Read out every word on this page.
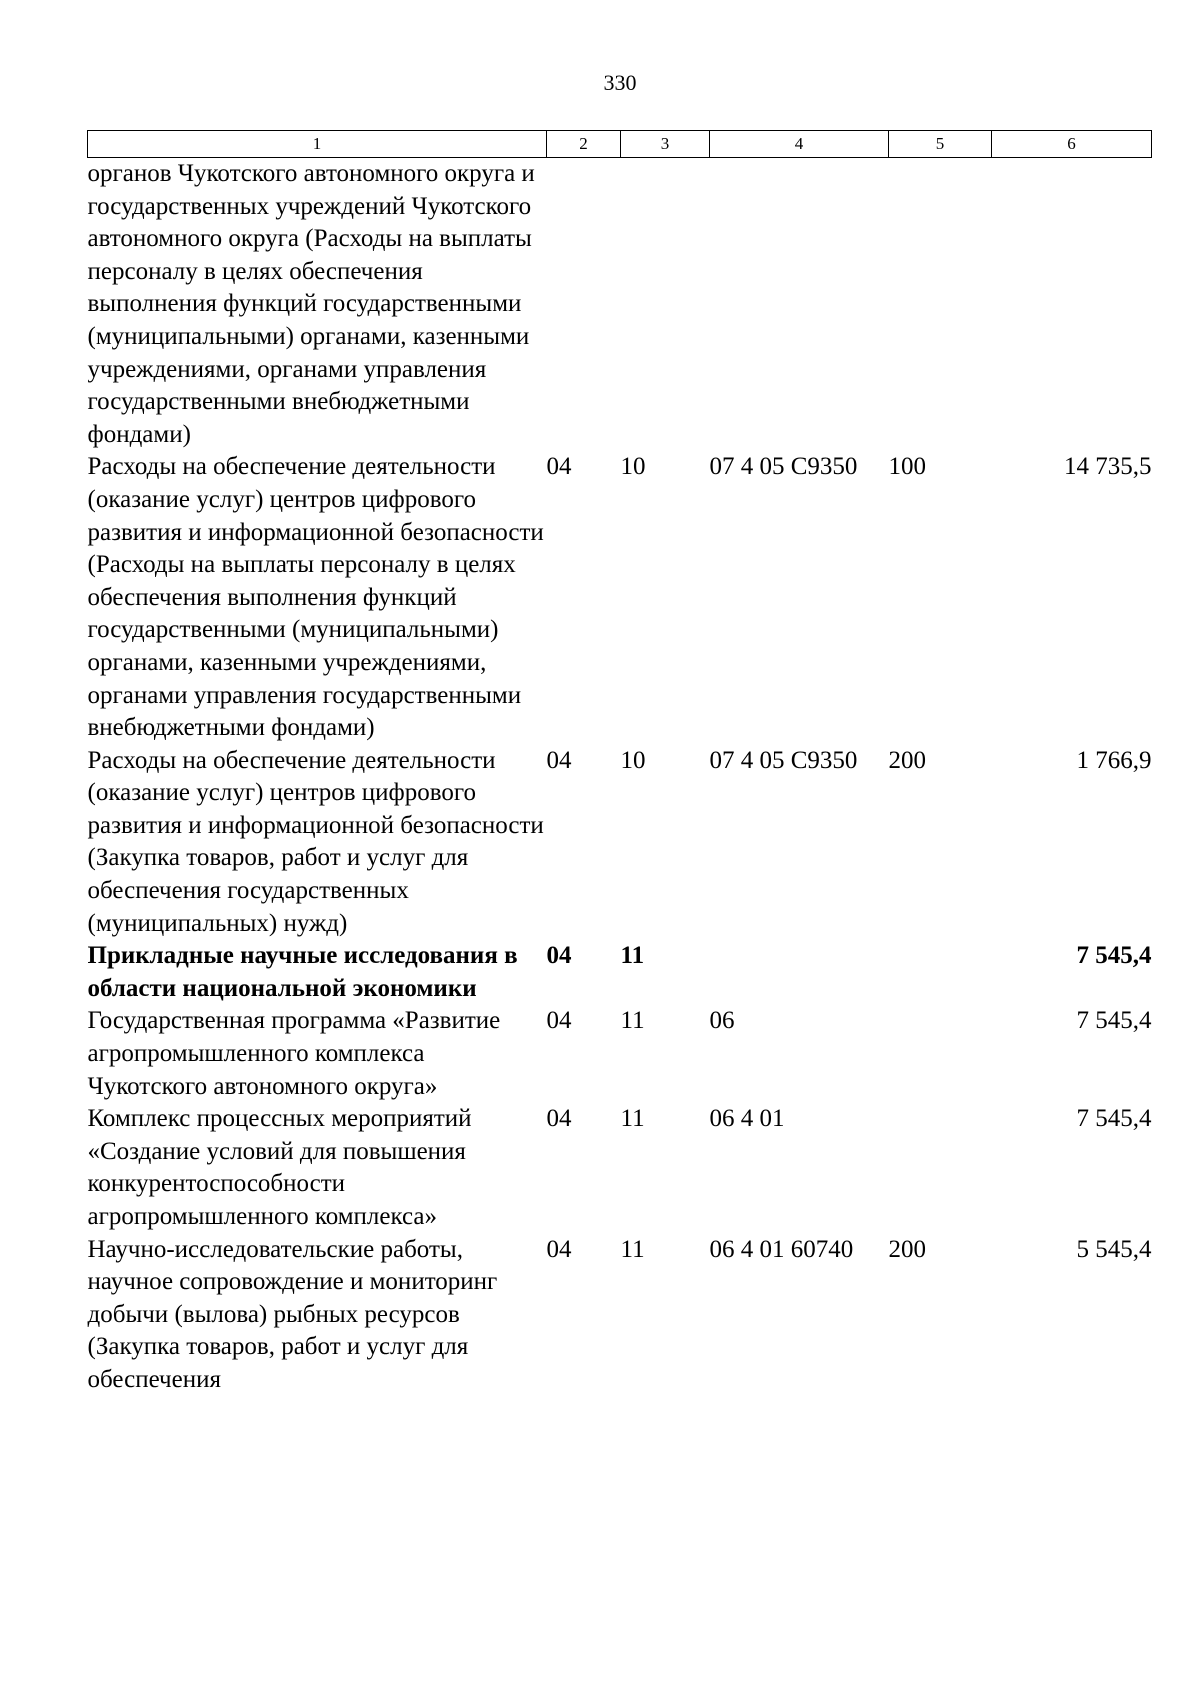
330
1	2	3	4	5	6
органов Чукотского автономного округа и государственных учреждений Чукотского автономного округа (Расходы на выплаты персоналу в целях обеспечения выполнения функций государственными (муниципальными) органами, казенными учреждениями, органами управления государственными внебюджетными фондами)					
Расходы на обеспечение деятельности (оказание услуг) центров цифрового развития и информационной безопасности (Расходы на выплаты персоналу в целях обеспечения выполнения функций государственными (муниципальными) органами, казенными учреждениями, органами управления государственными внебюджетными фондами)	04	10	07 4 05 С9350	100	14 735,5
Расходы на обеспечение деятельности (оказание услуг) центров цифрового развития и информационной безопасности (Закупка товаров, работ и услуг для обеспечения государственных (муниципальных) нужд)	04	10	07 4 05 С9350	200	1 766,9
Прикладные научные исследования в области национальной экономики	04	11			7 545,4
Государственная программа «Развитие агропромышленного комплекса Чукотского автономного округа»	04	11	06		7 545,4
Комплекс процессных мероприятий «Создание условий для повышения конкурентоспособности агропромышленного комплекса»	04	11	06 4 01		7 545,4
Научно-исследовательские работы, научное сопровождение и мониторинг добычи (вылова) рыбных ресурсов (Закупка товаров, работ и услуг для обеспечения	04	11	06 4 01 60740	200	5 545,4
